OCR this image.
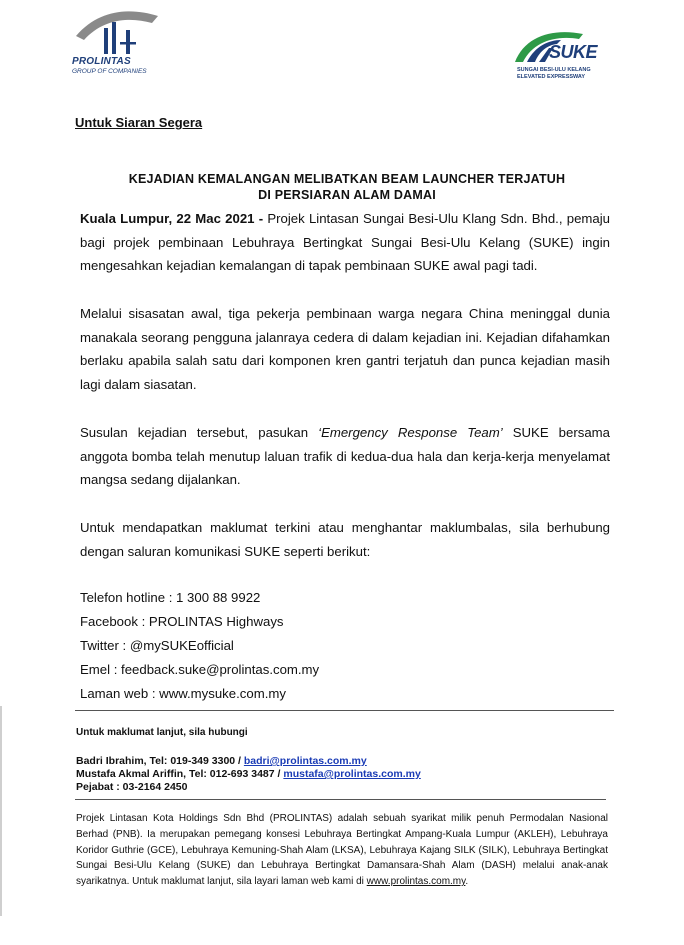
PROLINTAS
GROUP OF COMPANIES
SUKE
SUNGAI BESI-ULU KELANG
ELEVATED EXPRESSWAY
Untuk Siaran Segera
KEJADIAN KEMALANGAN MELIBATKAN BEAM LAUNCHER TERJATUH
DI PERSIARAN ALAM DAMAI
Kuala Lumpur, 22 Mac 2021 - Projek Lintasan Sungai Besi-Ulu Klang Sdn. Bhd., pemaju bagi projek pembinaan Lebuhraya Bertingkat Sungai Besi-Ulu Kelang (SUKE) ingin mengesahkan kejadian kemalangan di tapak pembinaan SUKE awal pagi tadi.
Melalui sisasatan awal, tiga pekerja pembinaan warga negara China meninggal dunia manakala seorang pengguna jalanraya cedera di dalam kejadian ini. Kejadian difahamkan berlaku apabila salah satu dari komponen kren gantri terjatuh dan punca kejadian masih lagi dalam siasatan.
Susulan kejadian tersebut, pasukan ‘Emergency Response Team’ SUKE bersama anggota bomba telah menutup laluan trafik di kedua-dua hala dan kerja-kerja menyelamat mangsa sedang dijalankan.
Untuk mendapatkan maklumat terkini atau menghantar maklumbalas, sila berhubung dengan saluran komunikasi SUKE seperti berikut:
Telefon hotline : 1 300 88 9922
Facebook : PROLINTAS Highways
Twitter : @mySUKEofficial
Emel : feedback.suke@prolintas.com.my
Laman web : www.mysuke.com.my
Untuk maklumat lanjut, sila hubungi
Badri Ibrahim, Tel: 019-349 3300 / badri@prolintas.com.my
Mustafa Akmal Ariffin, Tel: 012-693 3487 / mustafa@prolintas.com.my
Pejabat : 03-2164 2450
Projek Lintasan Kota Holdings Sdn Bhd (PROLINTAS) adalah sebuah syarikat milik penuh Permodalan Nasional Berhad (PNB). Ia merupakan pemegang konsesi Lebuhraya Bertingkat Ampang-Kuala Lumpur (AKLEH), Lebuhraya Koridor Guthrie (GCE), Lebuhraya Kemuning-Shah Alam (LKSA), Lebuhraya Kajang SILK (SILK), Lebuhraya Bertingkat Sungai Besi-Ulu Kelang (SUKE) dan Lebuhraya Bertingkat Damansara-Shah Alam (DASH) melalui anak-anak syarikatnya. Untuk maklumat lanjut, sila layari laman web kami di www.prolintas.com.my.
